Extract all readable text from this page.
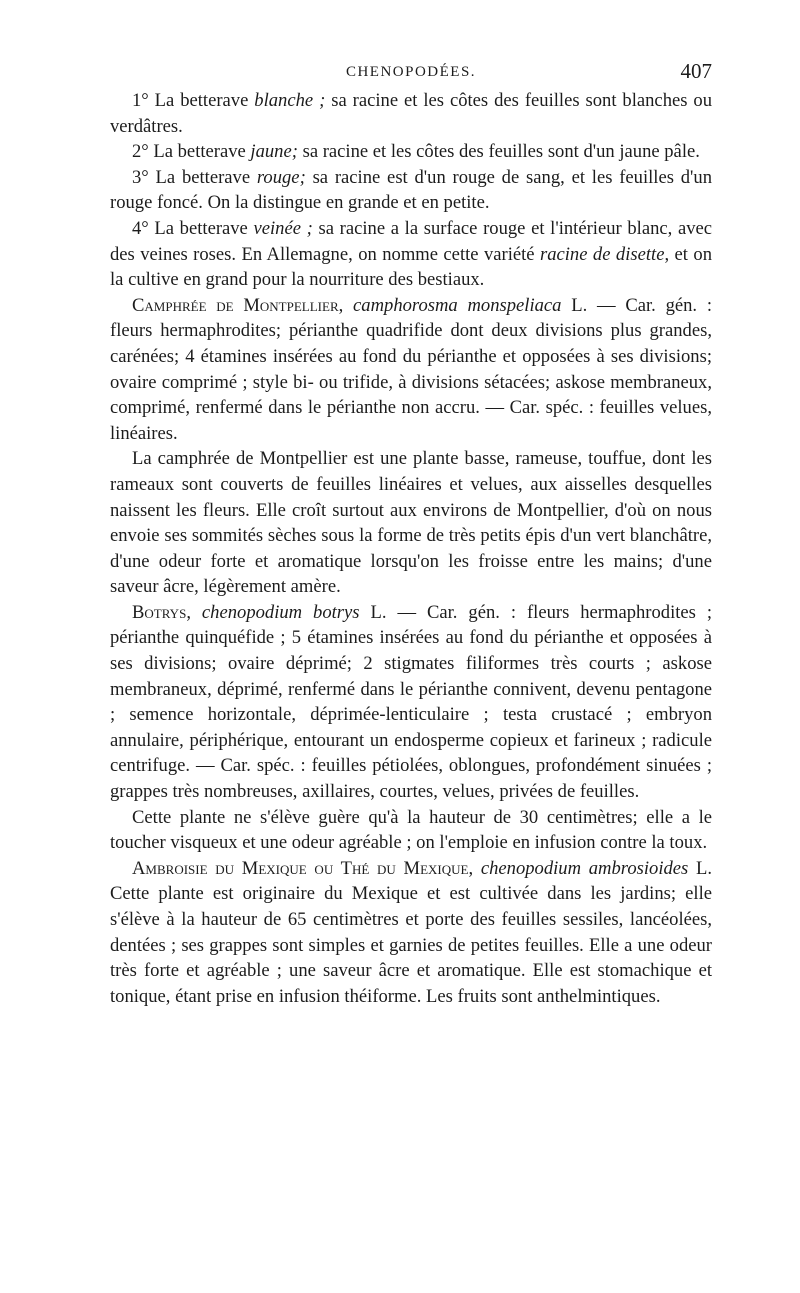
CHENOPODÉES.	407

1° La betterave blanche ; sa racine et les côtes des feuilles sont blanches ou verdâtres.

2° La betterave jaune; sa racine et les côtes des feuilles sont d'un jaune pâle.

3° La betterave rouge; sa racine est d'un rouge de sang, et les feuilles d'un rouge foncé. On la distingue en grande et en petite.

4° La betterave veinée ; sa racine a la surface rouge et l'intérieur blanc, avec des veines roses. En Allemagne, on nomme cette variété racine de disette, et on la cultive en grand pour la nourriture des bestiaux.

Camphrée de Montpellier, camphorosma monspeliaca L. — Car. gén. : fleurs hermaphrodites; périanthe quadrifide dont deux divisions plus grandes, carénées; 4 étamines insérées au fond du périanthe et opposées à ses divisions; ovaire comprimé ; style bi- ou trifide, à divisions sétacées; askose membraneux, comprimé, renfermé dans le périanthe non accru. — Car. spéc. : feuilles velues, linéaires.

La camphrée de Montpellier est une plante basse, rameuse, touffue, dont les rameaux sont couverts de feuilles linéaires et velues, aux aisselles desquelles naissent les fleurs. Elle croît surtout aux environs de Montpellier, d'où on nous envoie ses sommités sèches sous la forme de très petits épis d'un vert blanchâtre, d'une odeur forte et aromatique lorsqu'on les froisse entre les mains; d'une saveur âcre, légèrement amère.

Botrys, chenopodium botrys L. — Car. gén. : fleurs hermaphrodites ; périanthe quinquéfide ; 5 étamines insérées au fond du périanthe et opposées à ses divisions; ovaire déprimé; 2 stigmates filiformes très courts ; askose membraneux, déprimé, renfermé dans le périanthe connivent, devenu pentagone ; semence horizontale, déprimée-lenticulaire ; testa crustacé ; embryon annulaire, périphérique, entourant un endosperme copieux et farineux ; radicule centrifuge. — Car. spéc. : feuilles pétiolées, oblongues, profondément sinuées ; grappes très nombreuses, axillaires, courtes, velues, privées de feuilles.

Cette plante ne s'élève guère qu'à la hauteur de 30 centimètres; elle a le toucher visqueux et une odeur agréable ; on l'emploie en infusion contre la toux.

Ambroisie du Mexique ou Thé du Mexique, chenopodium ambrosioides L. Cette plante est originaire du Mexique et est cultivée dans les jardins; elle s'élève à la hauteur de 65 centimètres et porte des feuilles sessiles, lancéolées, dentées ; ses grappes sont simples et garnies de petites feuilles. Elle a une odeur très forte et agréable ; une saveur âcre et aromatique. Elle est stomachique et tonique, étant prise en infusion théiforme. Les fruits sont anthelmintiques.
